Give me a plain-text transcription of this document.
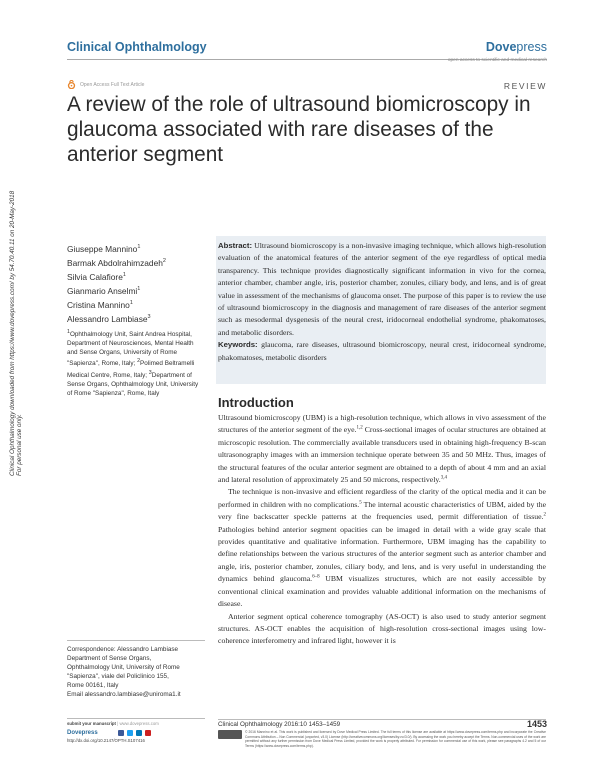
Clinical Ophthalmology	Dovepress
open access to scientific and medical research
Open Access Full Text Article	REVIEW
A review of the role of ultrasound biomicroscopy in glaucoma associated with rare diseases of the anterior segment
Clinical Ophthalmology downloaded from https://www.dovepress.com/ by 54.70.40.11 on 20-May-2018 For personal use only.
Giuseppe Mannino$^1$
Barmak Abdolrahimzadeh$^2$
Silvia Calafiore$^1$
Gianmario Anselmi$^1$
Cristina Mannino$^1$
Alessandro Lambiase$^3$
$^1$Ophthalmology Unit, Saint Andrea Hospital, Department of Neurosciences, Mental Health and Sense Organs, University of Rome "Sapienza", Rome, Italy; $^2$Polimed Beltramelli Medical Centre, Rome, Italy; $^3$Department of Sense Organs, Ophthalmology Unit, University of Rome "Sapienza", Rome, Italy
Correspondence: Alessandro Lambiase
Department of Sense Organs,
Ophthalmology Unit, University of Rome
"Sapienza", viale del Policlinico 155,
Rome 00161, Italy
Email alessandro.lambiase@uniroma1.it
submit your manuscript | www.dovepress.com
Dovepress
http://dx.doi.org/10.2147/OPTH.S107416
Abstract: Ultrasound biomicroscopy is a non-invasive imaging technique, which allows high-resolution evaluation of the anatomical features of the anterior segment of the eye regardless of optical media transparency. This technique provides diagnostically significant information in vivo for the cornea, anterior chamber, chamber angle, iris, posterior chamber, zonules, ciliary body, and lens, and is of great value in assessment of the mechanisms of glaucoma onset. The purpose of this paper is to review the use of ultrasound biomicroscopy in the diagnosis and management of rare diseases of the anterior segment such as mesodermal dysgenesis of the neural crest, iridocorneal endothelial syndrome, phakomatoses, and metabolic disorders.
Keywords: glaucoma, rare diseases, ultrasound biomicroscopy, neural crest, iridocorneal syndrome, phakomatoses, metabolic disorders
Introduction

Ultrasound biomicroscopy (UBM) is a high-resolution technique, which allows in vivo assessment of the structures of the anterior segment of the eye.$^{1,2}$ Cross-sectional images of ocular structures are obtained at microscopic resolution. The commercially available transducers used in obtaining high-frequency B-scan ultrasonography images with an immersion technique operate between 35 and 50 MHz. Thus, images of the structural features of the ocular anterior segment are obtained to a depth of about 4 mm and an axial and lateral resolution of approximately 25 and 50 microns, respectively.$^{3,4}$

The technique is non-invasive and efficient regardless of the clarity of the optical media and it can be performed in children with no complications.$^5$ The internal acoustic characteristics of UBM, aided by the very fine backscatter speckle patterns at the frequencies used, permit differentiation of tissue.$^2$ Pathologies behind anterior segment opacities can be imaged in detail with a wide gray scale that provides quantitative and qualitative information. Furthermore, UBM imaging has the capability to define relationships between the various structures of the anterior segment such as anterior chamber and angle, iris, posterior chamber, zonules, ciliary body, and lens, and is very useful in understanding the dynamics behind glaucoma.$^{6-8}$ UBM visualizes structures, which are not easily accessible by conventional clinical examination and provides valuable additional information on the mechanisms of disease.

Anterior segment optical coherence tomography (AS-OCT) is also used to study anterior segment structures. AS-OCT enables the acquisition of high-resolution cross-sectional images using low-coherence interferometry and infrared light, however it is

Clinical Ophthalmology 2016:10 1453–1459	1453
© 2016 Mannino et al. This work is published and licensed by Dove Medical Press Limited. The full terms of this license are available at https://www.dovepress.com/terms.php and incorporate the Creative Commons Attribution – Non Commercial (unported, v3.0) License (http://creativecommons.org/licenses/by-nc/3.0/). By accessing the work you hereby accept the Terms. Non-commercial uses of the work are permitted without any further permission from Dove Medical Press Limited, provided the work is properly attributed. For permission for commercial use of this work, please see paragraphs 4.2 and 5 of our Terms (https://www.dovepress.com/terms.php).
